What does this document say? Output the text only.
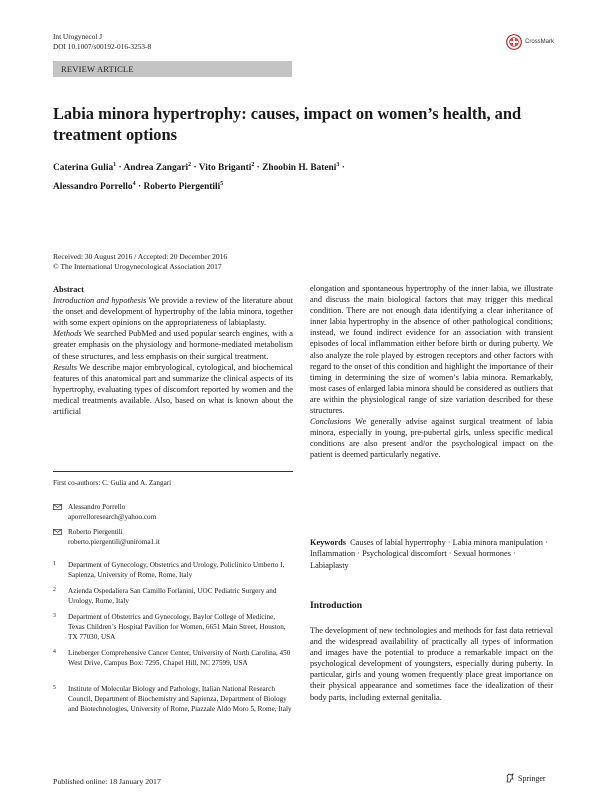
Int Urogynecol J
DOI 10.1007/s00192-016-3253-8
CrossMark
REVIEW ARTICLE
Labia minora hypertrophy: causes, impact on women’s health, and treatment options
Caterina Gulia$^1$ · Andrea Zangari$^2$ · Vito Briganti$^2$ · Zhoobin H. Bateni$^3$ ·
Alessandro Porrello$^4$ · Roberto Piergentili$^5$
Received: 30 August 2016 / Accepted: 20 December 2016
© The International Urogynecological Association 2017
Abstract

Introduction and hypothesis We provide a review of the literature about the onset and development of hypertrophy of the labia minora, together with some expert opinions on the appropriateness of labiaplasty.

Methods We searched PubMed and used popular search engines, with a greater emphasis on the physiology and hormone-mediated metabolism of these structures, and less emphasis on their surgical treatment.

Results We describe major embryological, cytological, and biochemical features of this anatomical part and summarize the clinical aspects of its hypertrophy, evaluating types of discomfort reported by women and the medical treatments available. Also, based on what is known about the artificial

elongation and spontaneous hypertrophy of the inner labia, we illustrate and discuss the main biological factors that may trigger this medical condition. There are not enough data identifying a clear inheritance of inner labia hypertrophy in the absence of other pathological conditions; instead, we found indirect evidence for an association with transient episodes of local inflammation either before birth or during puberty. We also analyze the role played by estrogen receptors and other factors with regard to the onset of this condition and highlight the importance of their timing in determining the size of women’s labia minora. Remarkably, most cases of enlarged labia minora should be considered as outliers that are within the physiological range of size variation described for these structures.

Conclusions We generally advise against surgical treatment of labia minora, especially in young, pre-pubertal girls, unless specific medical conditions are also present and/or the psychological impact on the patient is deemed particularly negative.

Keywords Causes of labial hypertrophy · Labia minora manipulation · Inflammation · Psychological discomfort · Sexual hormones · Labiaplasty
First co-authors: C. Gulia and A. Zangari
Alessandro Porrello
aporrelloresearch@yahoo.com
Roberto Piergentili
roberto.piergentili@uniroma1.it
1 Department of Gynecology, Obstetrics and Urology, Policlinico Umberto I, Sapienza, University of Rome, Rome, Italy
2 Azienda Ospedaliera San Camillo Forlanini, UOC Pediatric Surgery and Urology, Rome, Italy
3 Department of Obstetrics and Gynecology, Baylor College of Medicine, Texas Children’s Hospital Pavilion for Women, 6651 Main Street, Houston, TX 77030, USA
4 Lineberger Comprehensive Cancer Center, University of North Carolina, 450 West Drive, Campus Box: 7295, Chapel Hill, NC 27599, USA
5 Institute of Molecular Biology and Pathology, Italian National Research Council, Department of Biochemistry and Sapienza, Department of Biology and Biotechnologies, University of Rome, Piazzale Aldo Moro 5, Rome, Italy
Introduction
The development of new technologies and methods for fast data retrieval and the widespread availability of practically all types of information and images have the potential to produce a remarkable impact on the psychological development of youngsters, especially during puberty. In particular, girls and young women frequently place great importance on their physical appearance and sometimes face the idealization of their body parts, including external genitalia.
Published online: 18 January 2017	Springer
